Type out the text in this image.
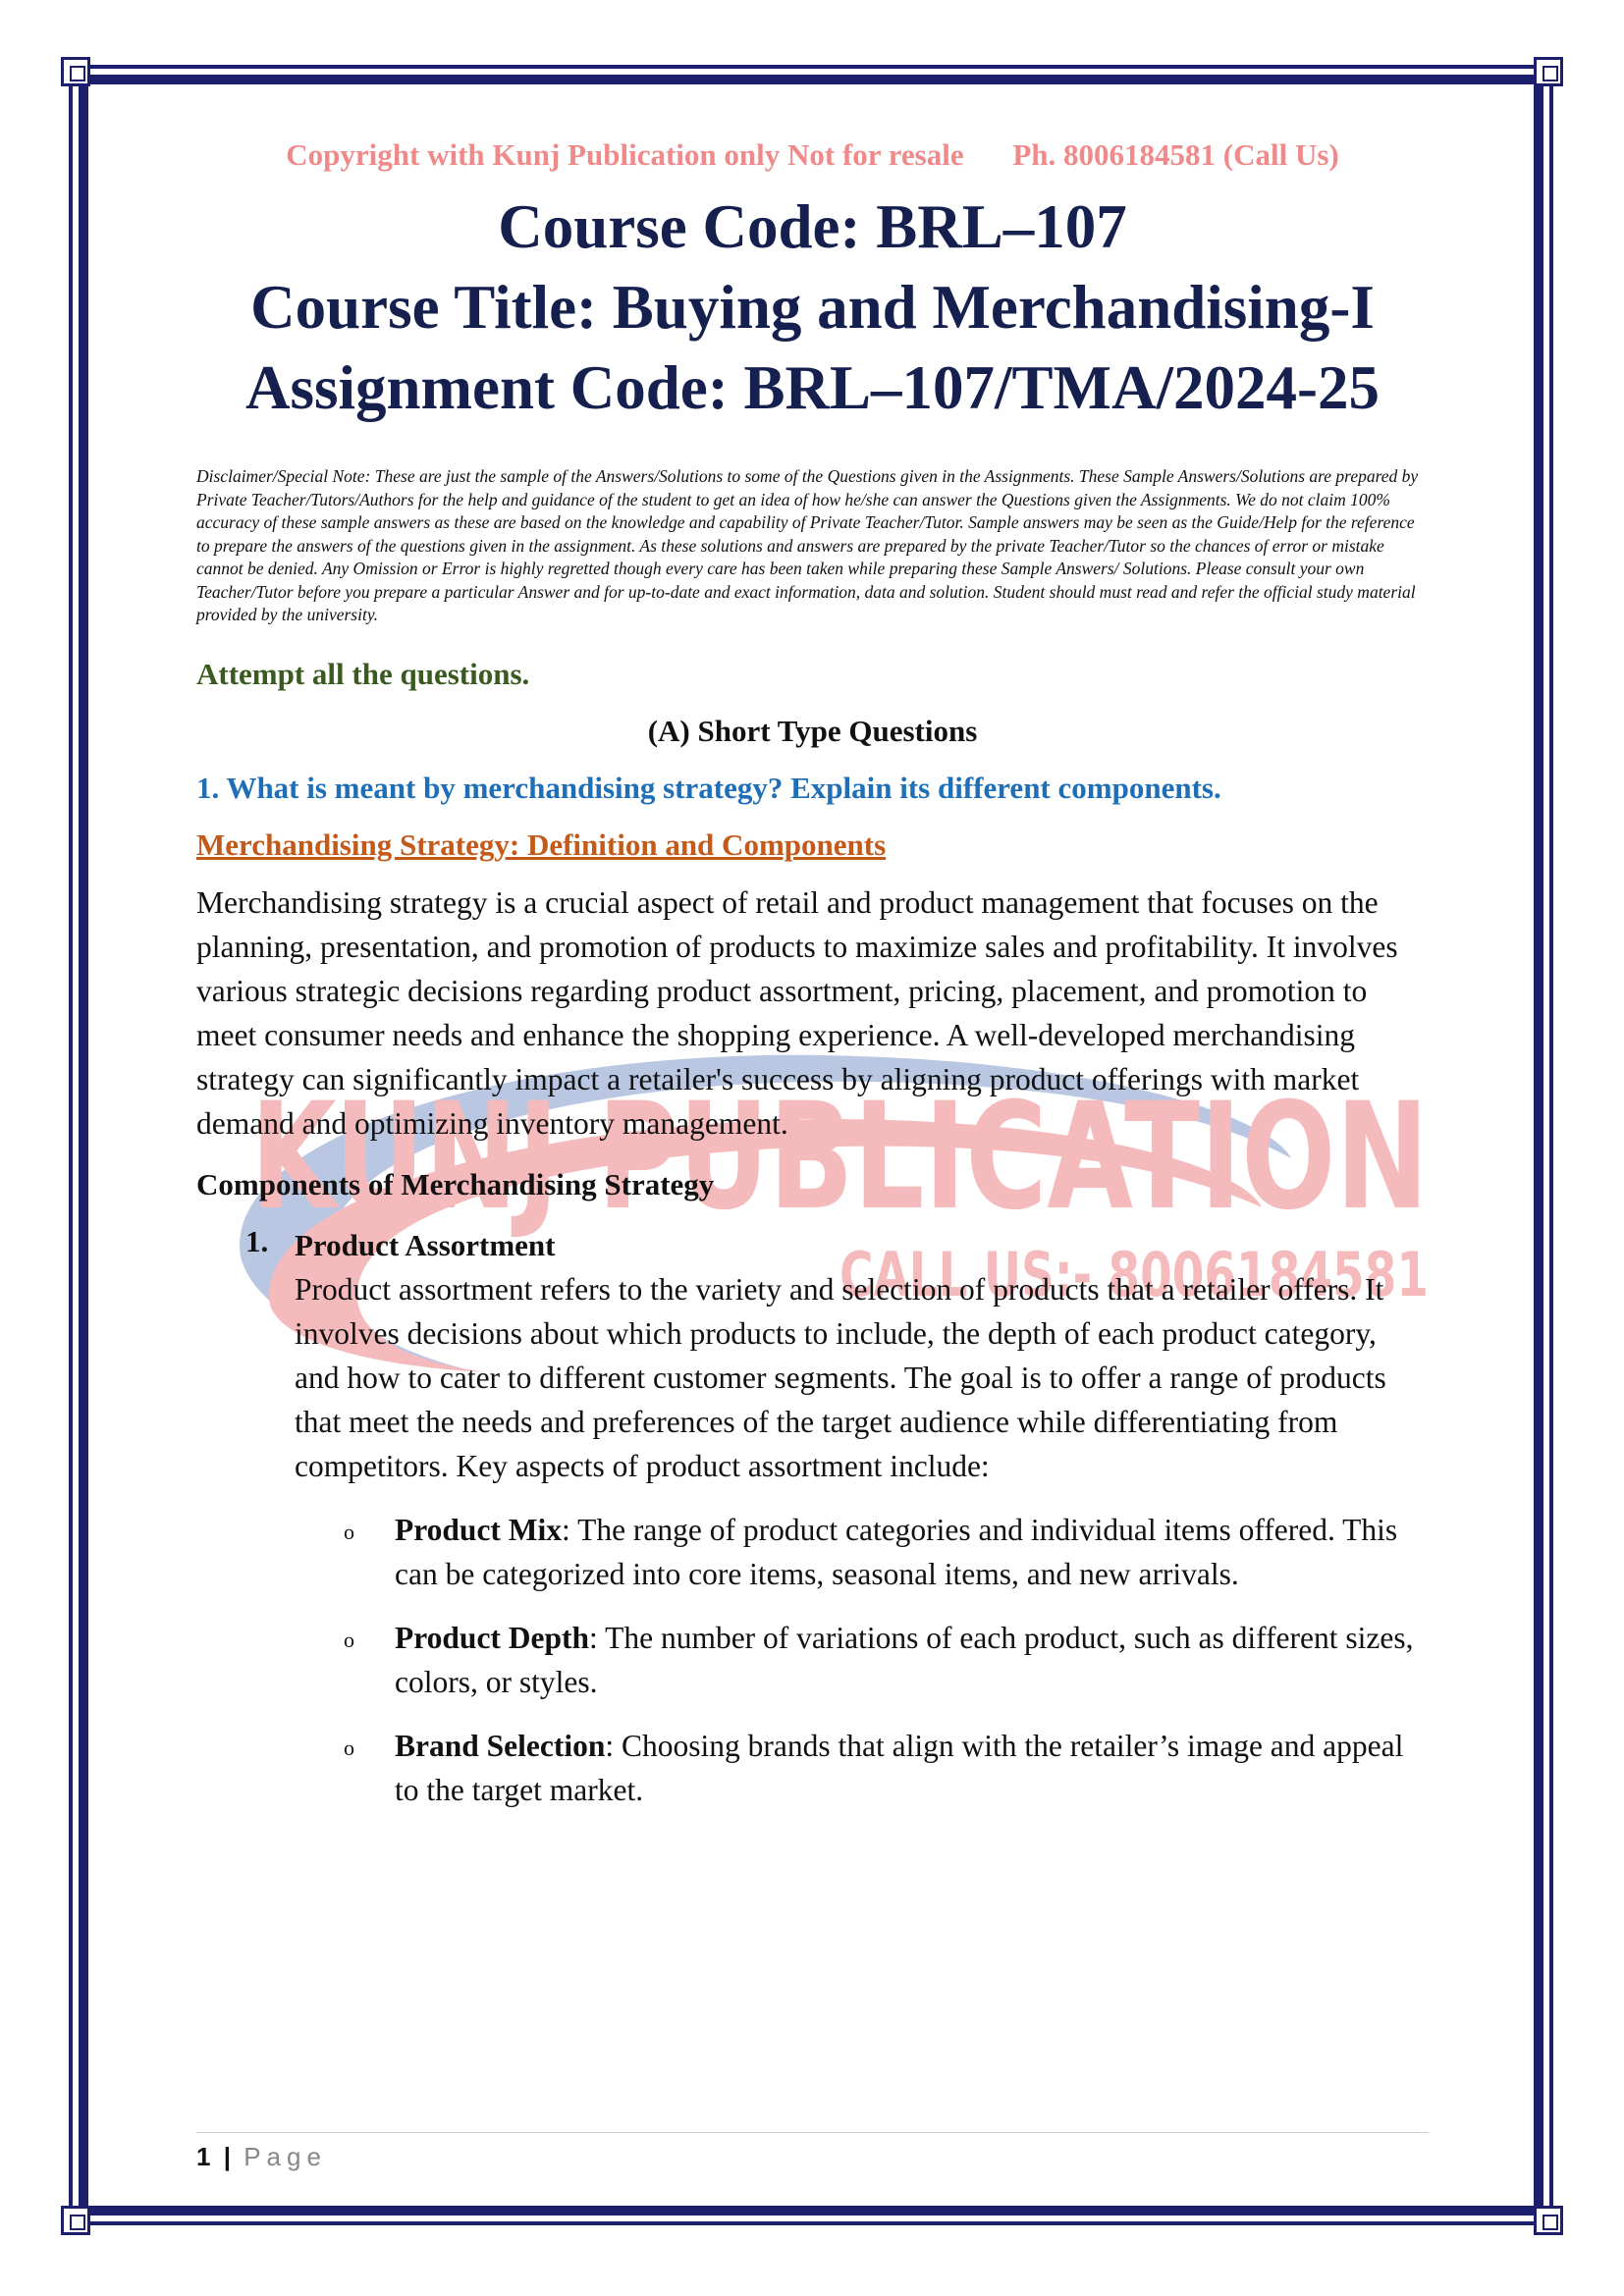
KUNJ PUBLICATION
CALL US:- 8006184581
Copyright with Kunj Publication only Not for resale Ph. 8006184581 (Call Us)
Course Code: BRL–107
Course Title: Buying and Merchandising-I
Assignment Code: BRL–107/TMA/2024-25
Disclaimer/Special Note: These are just the sample of the Answers/Solutions to some of the Questions given in the Assignments. These Sample Answers/Solutions are prepared by Private Teacher/Tutors/Authors for the help and guidance of the student to get an idea of how he/she can answer the Questions given the Assignments. We do not claim 100% accuracy of these sample answers as these are based on the knowledge and capability of Private Teacher/Tutor. Sample answers may be seen as the Guide/Help for the reference to prepare the answers of the questions given in the assignment. As these solutions and answers are prepared by the private Teacher/Tutor so the chances of error or mistake cannot be denied. Any Omission or Error is highly regretted though every care has been taken while preparing these Sample Answers/ Solutions. Please consult your own Teacher/Tutor before you prepare a particular Answer and for up-to-date and exact information, data and solution. Student should must read and refer the official study material provided by the university.
Attempt all the questions.
(A) Short Type Questions
1. What is meant by merchandising strategy? Explain its different components.
Merchandising Strategy: Definition and Components
Merchandising strategy is a crucial aspect of retail and product management that focuses on the planning, presentation, and promotion of products to maximize sales and profitability. It involves various strategic decisions regarding product assortment, pricing, placement, and promotion to meet consumer needs and enhance the shopping experience. A well-developed merchandising strategy can significantly impact a retailer's success by aligning product offerings with market demand and optimizing inventory management.
Components of Merchandising Strategy
1. Product Assortment
Product assortment refers to the variety and selection of products that a retailer offers. It involves decisions about which products to include, the depth of each product category, and how to cater to different customer segments. The goal is to offer a range of products that meet the needs and preferences of the target audience while differentiating from competitors. Key aspects of product assortment include:
o Product Mix: The range of product categories and individual items offered. This can be categorized into core items, seasonal items, and new arrivals.
o Product Depth: The number of variations of each product, such as different sizes, colors, or styles.
o Brand Selection: Choosing brands that align with the retailer’s image and appeal to the target market.
1 | Page
